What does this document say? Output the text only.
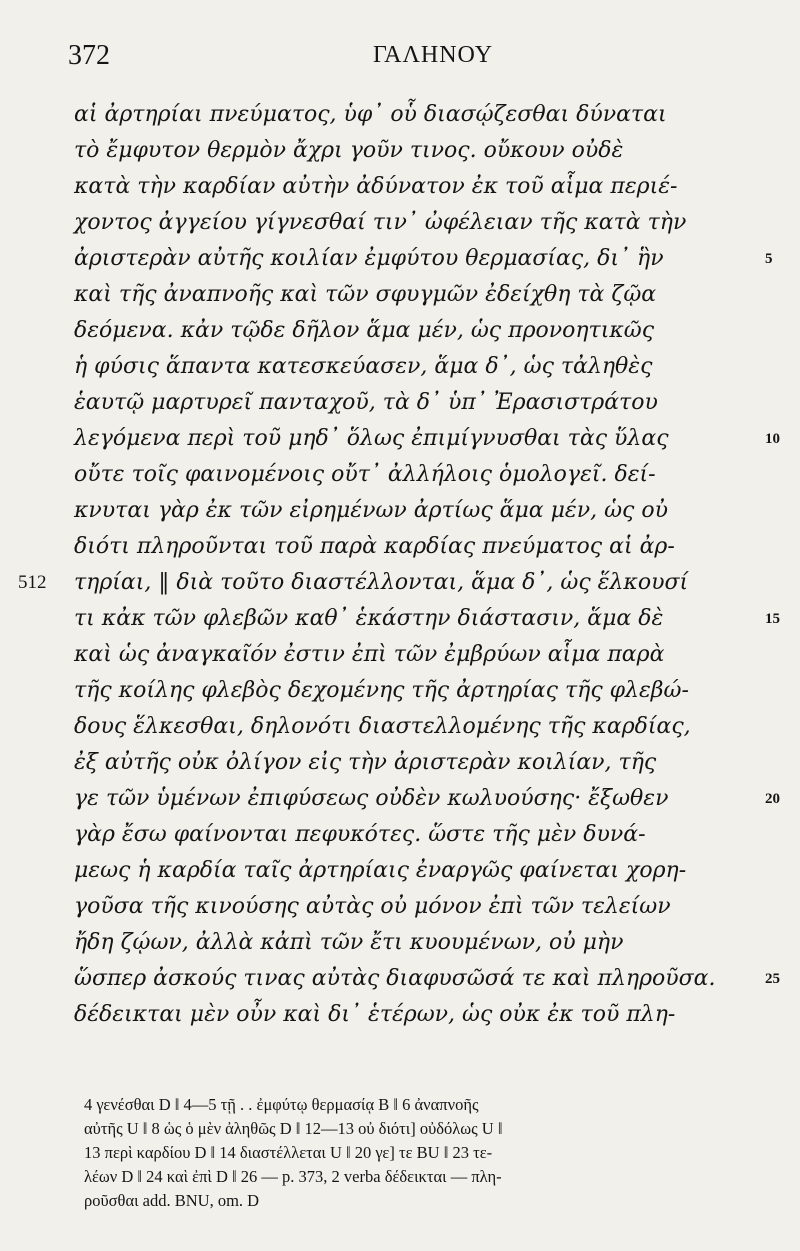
372	ΓΑΛΗΝΟΥ
αἱ ἀρτηρίαι πνεύματος, ὑφ᾽ οὗ διασῴζεσθαι δύναται
τὸ ἔμφυτον θερμὸν ἄχρι γοῦν τινος. οὔκουν οὐδὲ
κατὰ τὴν καρδίαν αὐτὴν ἀδύνατον ἐκ τοῦ αἷμα περιέ-
χοντος ἀγγείου γίγνεσθαί τιν᾽ ὠφέλειαν τῆς κατὰ τὴν
ἀριστερὰν αὐτῆς κοιλίαν ἐμφύτου θερμασίας, δι᾽ ἣν
καὶ τῆς ἀναπνοῆς καὶ τῶν σφυγμῶν ἐδείχθη τὰ ζῷα
δεόμενα. κἀν τῷδε δῆλον ἅμα μέν, ὡς προνοητικῶς
ἡ φύσις ἅπαντα κατεσκεύασεν, ἅμα δ᾽, ὡς τἀληθὲς
ἑαυτῷ μαρτυρεῖ πανταχοῦ, τὰ δ᾽ ὑπ᾽ Ἐρασιστράτου
λεγόμενα περὶ τοῦ μηδ᾽ ὅλως ἐπιμίγνυσθαι τὰς ὕλας
οὔτε τοῖς φαινομένοις οὔτ᾽ ἀλλήλοις ὁμολογεῖ. δεί-
κνυται γὰρ ἐκ τῶν εἰρημένων ἀρτίως ἅμα μέν, ὡς οὐ
διότι πληροῦνται τοῦ παρὰ καρδίας πνεύματος αἱ ἀρ-
τηρίαι, ‖ διὰ τοῦτο διαστέλλονται, ἅμα δ᾽, ὡς ἕλκουσί
τι κἀκ τῶν φλεβῶν καθ᾽ ἑκάστην διάστασιν, ἅμα δὲ
καὶ ὡς ἀναγκαῖόν ἐστιν ἐπὶ τῶν ἐμβρύων αἷμα παρὰ
τῆς κοίλης φλεβὸς δεχομένης τῆς ἀρτηρίας τῆς φλεβώ-
δους ἕλκεσθαι, δηλονότι διαστελλομένης τῆς καρδίας,
ἐξ αὐτῆς οὐκ ὀλίγον εἰς τὴν ἀριστερὰν κοιλίαν, τῆς
γε τῶν ὑμένων ἐπιφύσεως οὐδὲν κωλυούσης· ἔξωθεν
γὰρ ἔσω φαίνονται πεφυκότες. ὥστε τῆς μὲν δυνά-
μεως ἡ καρδία ταῖς ἀρτηρίαις ἐναργῶς φαίνεται χορη-
γοῦσα τῆς κινούσης αὐτὰς οὐ μόνον ἐπὶ τῶν τελείων
ἤδη ζῴων, ἀλλὰ κἀπὶ τῶν ἔτι κυουμένων, οὐ μὴν
ὥσπερ ἀσκούς τινας αὐτὰς διαφυσῶσά τε καὶ πληροῦσα.
δέδεικται μὲν οὖν καὶ δι᾽ ἑτέρων, ὡς οὐκ ἐκ τοῦ πλη-
5
10
15
20
25
512
4 γενέσθαι D ‖ 4—5 τῇ . . ἐμφύτῳ θερμασίᾳ B ‖ 6 ἀναπνοῆς
αὐτῆς U ‖ 8 ὡς ὁ μὲν ἀληθῶς D ‖ 12—13 οὐ διότι] οὐδόλως U ‖
13 περὶ καρδίου D ‖ 14 διαστέλλεται U ‖ 20 γε] τε BU ‖ 23 τε-
λέων D ‖ 24 καὶ ἐπὶ D ‖ 26 — p. 373, 2 verba δέδεικται — πλη-
ροῦσθαι add. BNU, om. D
